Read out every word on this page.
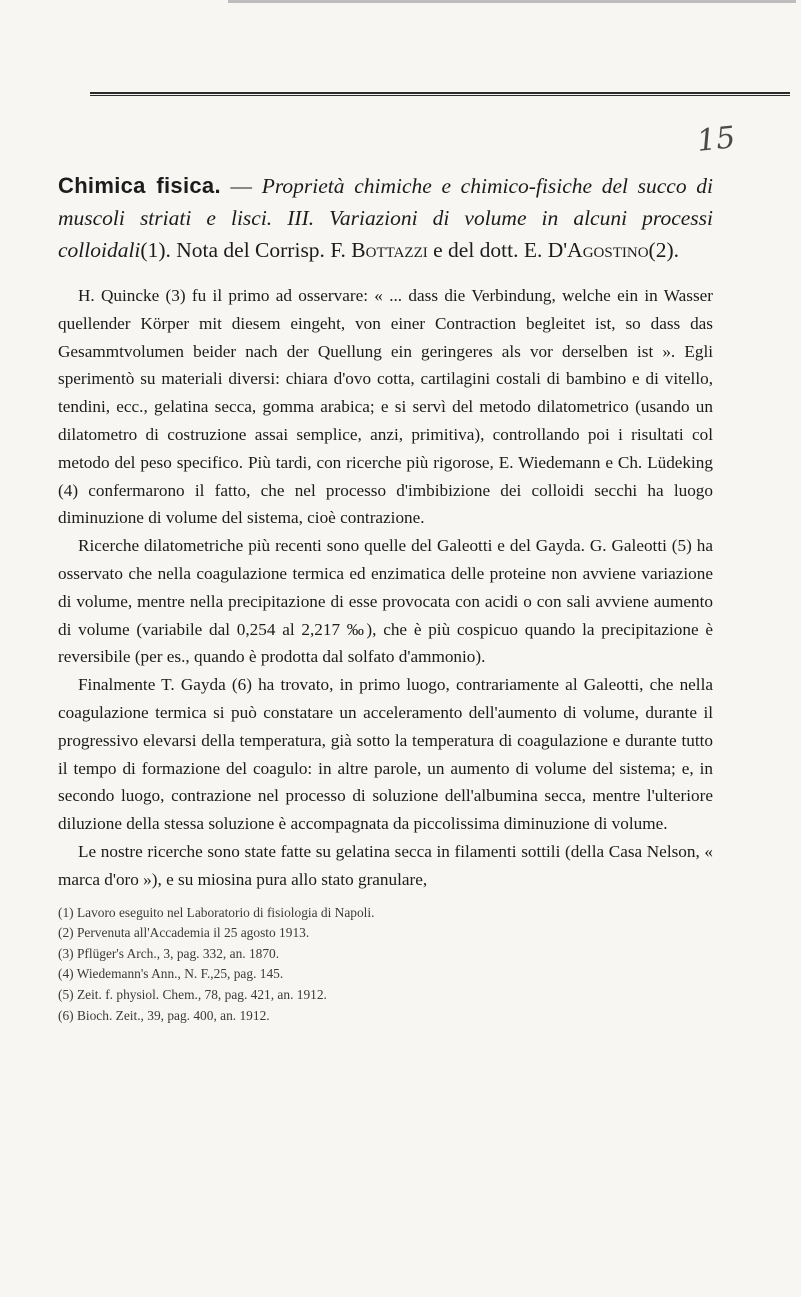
15

Chimica fisica. — Proprietà chimiche e chimico-fisiche del succo di muscoli striati e lisci. III. Variazioni di volume in alcuni processi colloidali(1). Nota del Corrisp. F. Bottazzi e del dott. E. D'Agostino(2).

H. Quincke (3) fu il primo ad osservare: « ... dass die Verbindung, welche ein in Wasser quellender Körper mit diesem eingeht, von einer Contraction begleitet ist, so dass das Gesammtvolumen beider nach der Quellung ein geringeres als vor derselben ist ». Egli sperimentò su materiali diversi: chiara d'ovo cotta, cartilagini costali di bambino e di vitello, tendini, ecc., gelatina secca, gomma arabica; e si servì del metodo dilatometrico (usando un dilatometro di costruzione assai semplice, anzi, primitiva), controllando poi i risultati col metodo del peso specifico. Più tardi, con ricerche più rigorose, E. Wiedemann e Ch. Lüdeking (4) confermarono il fatto, che nel processo d'imbibizione dei colloidi secchi ha luogo diminuzione di volume del sistema, cioè contrazione.

Ricerche dilatometriche più recenti sono quelle del Galeotti e del Gayda. G. Galeotti (5) ha osservato che nella coagulazione termica ed enzimatica delle proteine non avviene variazione di volume, mentre nella precipitazione di esse provocata con acidi o con sali avviene aumento di volume (variabile dal 0,254 al 2,217 ‰), che è più cospicuo quando la precipitazione è reversibile (per es., quando è prodotta dal solfato d'ammonio).

Finalmente T. Gayda (6) ha trovato, in primo luogo, contrariamente al Galeotti, che nella coagulazione termica si può constatare un acceleramento dell'aumento di volume, durante il progressivo elevarsi della temperatura, già sotto la temperatura di coagulazione e durante tutto il tempo di formazione del coagulo: in altre parole, un aumento di volume del sistema; e, in secondo luogo, contrazione nel processo di soluzione dell'albumina secca, mentre l'ulteriore diluzione della stessa soluzione è accompagnata da piccolissima diminuzione di volume.

Le nostre ricerche sono state fatte su gelatina secca in filamenti sottili (della Casa Nelson, « marca d'oro »), e su miosina pura allo stato granulare,

(1) Lavoro eseguito nel Laboratorio di fisiologia di Napoli.

(2) Pervenuta all'Accademia il 25 agosto 1913.

(3) Pflüger's Arch., 3, pag. 332, an. 1870.

(4) Wiedemann's Ann., N. F.,25, pag. 145.

(5) Zeit. f. physiol. Chem., 78, pag. 421, an. 1912.

(6) Bioch. Zeit., 39, pag. 400, an. 1912.
